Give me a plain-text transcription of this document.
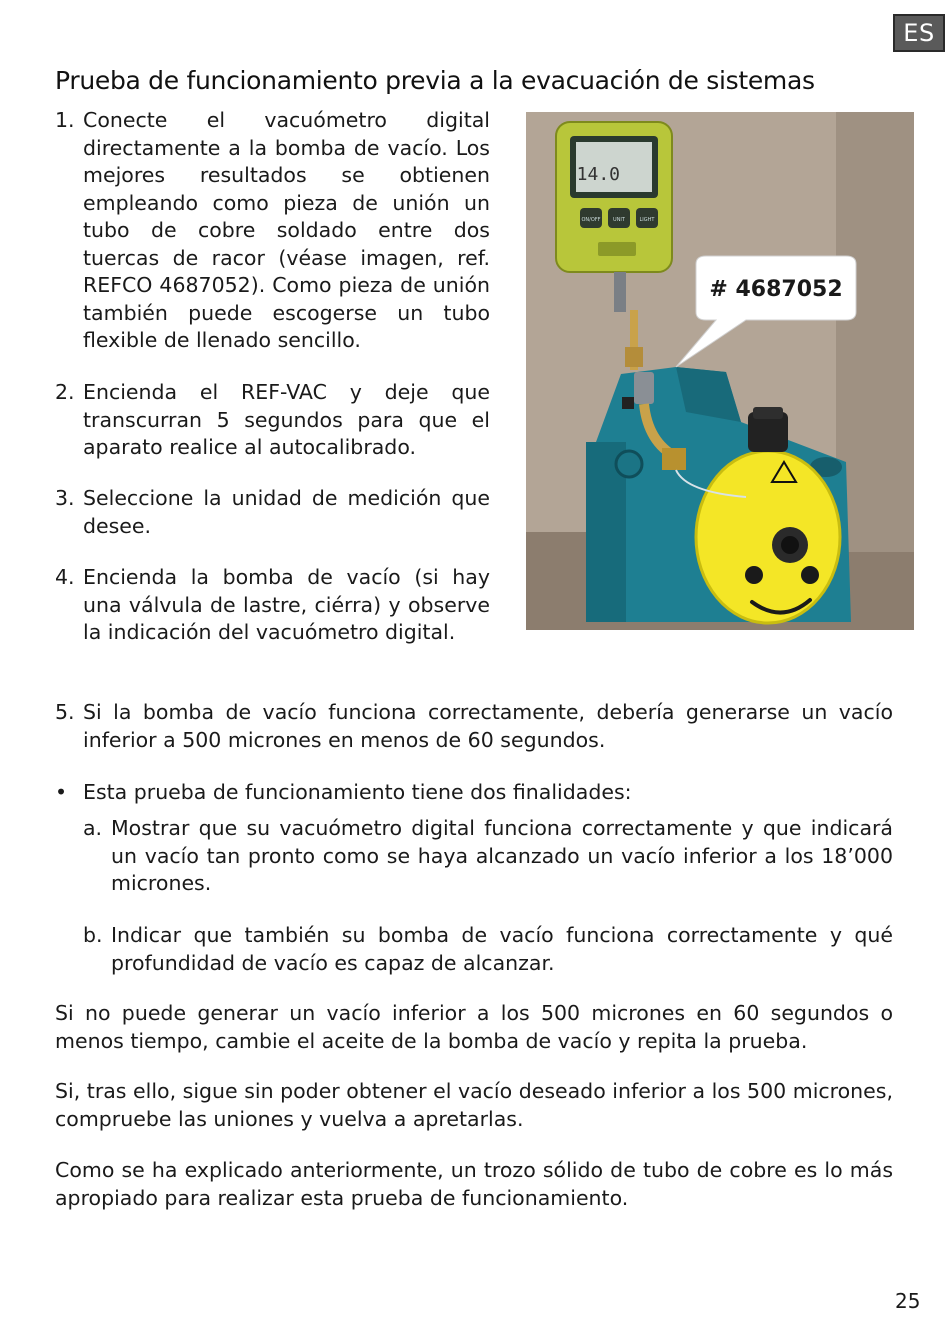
ES
Prueba de funcionamiento previa a la evacuación de sistemas
1. Conecte el vacuómetro digital directamente a la bomba de vacío. Los mejores resultados se obtienen empleando como pieza de unión un tubo de cobre soldado entre dos tuercas de racor (véase imagen, ref. REFCO 4687052). Como pieza de unión también puede escogerse un tubo flexible de llenado sencillo.
2. Encienda el REF-VAC y deje que transcurran 5 segundos para que el aparato realice al autocalibrado.
3. Seleccione la unidad de medición que desee.
4. Encienda la bomba de vacío (si hay una válvula de lastre, ciérra) y observe la indicación del vacuómetro digital.
5. Si la bomba de vacío funciona correctamente, debería generarse un vacío inferior a 500 micrones en menos de 60 segundos.
• Esta prueba de funcionamiento tiene dos finalidades:
a. Mostrar que su vacuómetro digital funciona correctamente y que indicará un vacío tan pronto como se haya alcanzado un vacío inferior a los 18’000 micrones.
b. Indicar que también su bomba de vacío funciona correctamente y qué profundidad de vacío es capaz de alcanzar.

Si no puede generar un vacío inferior a los 500 micrones en 60 segundos o menos tiempo, cambie el aceite de la bomba de vacío y repita la prueba.

Si, tras ello, sigue sin poder obtener el vacío deseado inferior a los 500 micrones, compruebe las uniones y vuelva a apretarlas.

Como se ha explicado anteriormente, un trozo sólido de tubo de cobre es lo más apropiado para realizar esta prueba de funcionamiento.

14.0
ON/OFF	UNIT	LIGHT
# 4687052
25
